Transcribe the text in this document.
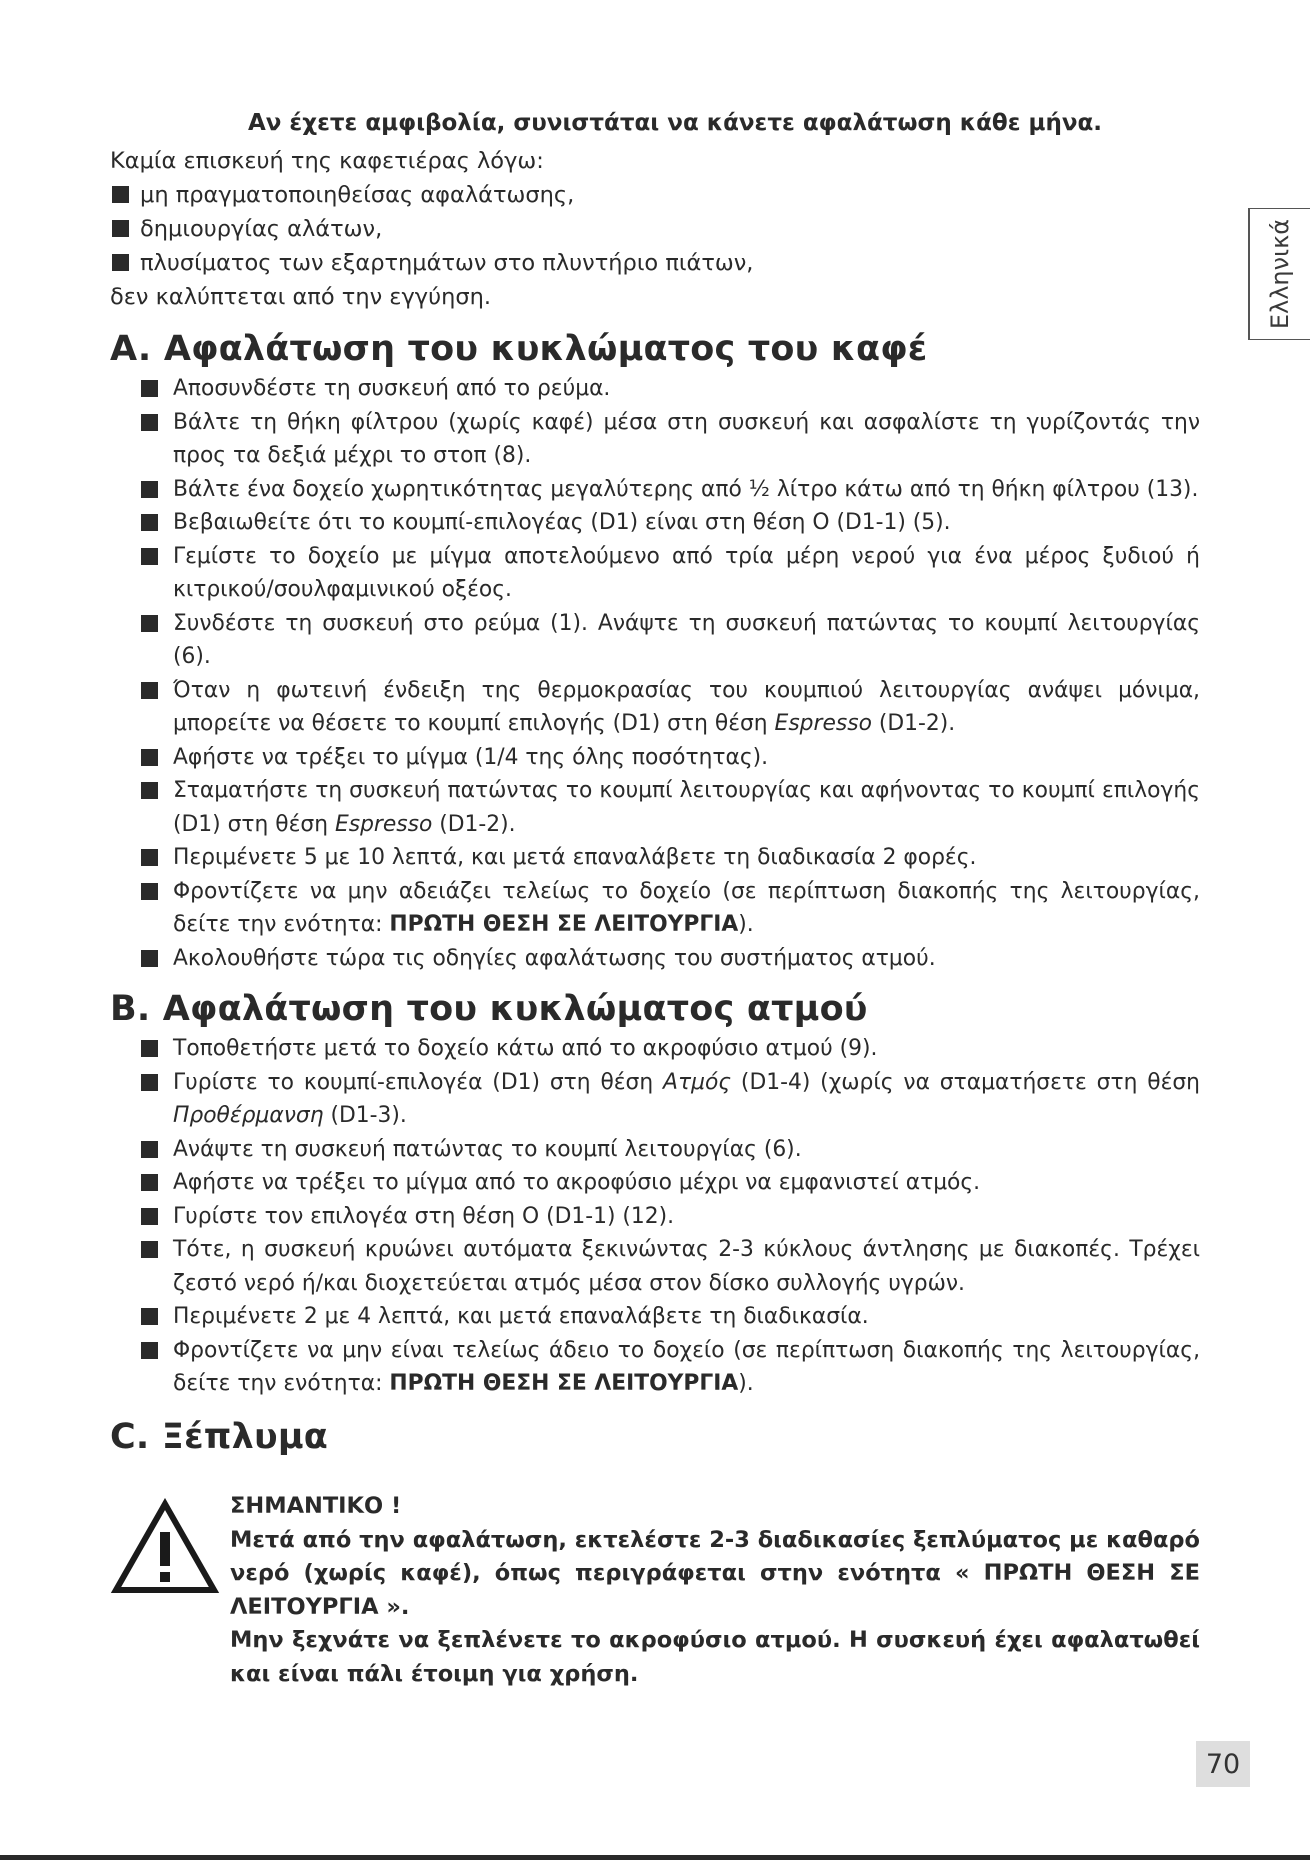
Αν έχετε αμφιβολία, συνιστάται να κάνετε αφαλάτωση κάθε μήνα.

Καμία επισκευή της καφετιέρας λόγω:

μη πραγματοποιηθείσας αφαλάτωσης,
δημιουργίας αλάτων,
πλυσίματος των εξαρτημάτων στο πλυντήριο πιάτων,

δεν καλύπτεται από την εγγύηση.	Ελληνικά
A. Αφαλάτωση του κυκλώματος του καφέ
Αποσυνδέστε τη συσκευή από το ρεύμα.
Βάλτε τη θήκη φίλτρου (χωρίς καφέ) μέσα στη συσκευή και ασφαλίστε τη γυρίζοντάς την προς τα δεξιά μέχρι το στοπ (8).
Βάλτε ένα δοχείο χωρητικότητας μεγαλύτερης από ½ λίτρο κάτω από τη θήκη φίλτρου (13).
Βεβαιωθείτε ότι το κουμπί-επιλογέας (D1) είναι στη θέση O (D1-1) (5).
Γεμίστε το δοχείο με μίγμα αποτελούμενο από τρία μέρη νερού για ένα μέρος ξυδιού ή κιτρικού/σουλφαμινικού οξέος.
Συνδέστε τη συσκευή στο ρεύμα (1). Ανάψτε τη συσκευή πατώντας το κουμπί λειτουργίας (6).
Όταν η φωτεινή ένδειξη της θερμοκρασίας του κουμπιού λειτουργίας ανάψει μόνιμα, μπορείτε να θέσετε το κουμπί επιλογής (D1) στη θέση Espresso (D1-2).
Αφήστε να τρέξει το μίγμα (1/4 της όλης ποσότητας).
Σταματήστε τη συσκευή πατώντας το κουμπί λειτουργίας και αφήνοντας το κουμπί επιλογής (D1) στη θέση Espresso (D1-2).
Περιμένετε 5 με 10 λεπτά, και μετά επαναλάβετε τη διαδικασία 2 φορές.
Φροντίζετε να μην αδειάζει τελείως το δοχείο (σε περίπτωση διακοπής της λειτουργίας, δείτε την ενότητα: ΠΡΩΤΗ ΘΕΣΗ ΣΕ ΛΕΙΤΟΥΡΓΙΑ).
Ακολουθήστε τώρα τις οδηγίες αφαλάτωσης του συστήματος ατμού.
B. Αφαλάτωση του κυκλώματος ατμού
Τοποθετήστε μετά το δοχείο κάτω από το ακροφύσιο ατμού (9).
Γυρίστε το κουμπί-επιλογέα (D1) στη θέση Ατμός (D1-4) (χωρίς να σταματήσετε στη θέση Προθέρμανση (D1-3).
Ανάψτε τη συσκευή πατώντας το κουμπί λειτουργίας (6).
Αφήστε να τρέξει το μίγμα από το ακροφύσιο μέχρι να εμφανιστεί ατμός.
Γυρίστε τον επιλογέα στη θέση O (D1-1) (12).
Τότε, η συσκευή κρυώνει αυτόματα ξεκινώντας 2-3 κύκλους άντλησης με διακοπές. Τρέχει ζεστό νερό ή/και διοχετεύεται ατμός μέσα στον δίσκο συλλογής υγρών.
Περιμένετε 2 με 4 λεπτά, και μετά επαναλάβετε τη διαδικασία.
Φροντίζετε να μην είναι τελείως άδειο το δοχείο (σε περίπτωση διακοπής της λειτουργίας, δείτε την ενότητα: ΠΡΩΤΗ ΘΕΣΗ ΣΕ ΛΕΙΤΟΥΡΓΙΑ).
C. Ξέπλυμα

ΣΗΜΑΝΤΙΚΟ !

Μετά από την αφαλάτωση, εκτελέστε 2-3 διαδικασίες ξεπλύματος με καθαρό νερό (χωρίς καφέ), όπως περιγράφεται στην ενότητα « ΠΡΩΤΗ ΘΕΣΗ ΣΕ ΛΕΙΤΟΥΡΓΙΑ ».

Μην ξεχνάτε να ξεπλένετε το ακροφύσιο ατμού. Η συσκευή έχει αφαλατωθεί και είναι πάλι έτοιμη για χρήση.

70
